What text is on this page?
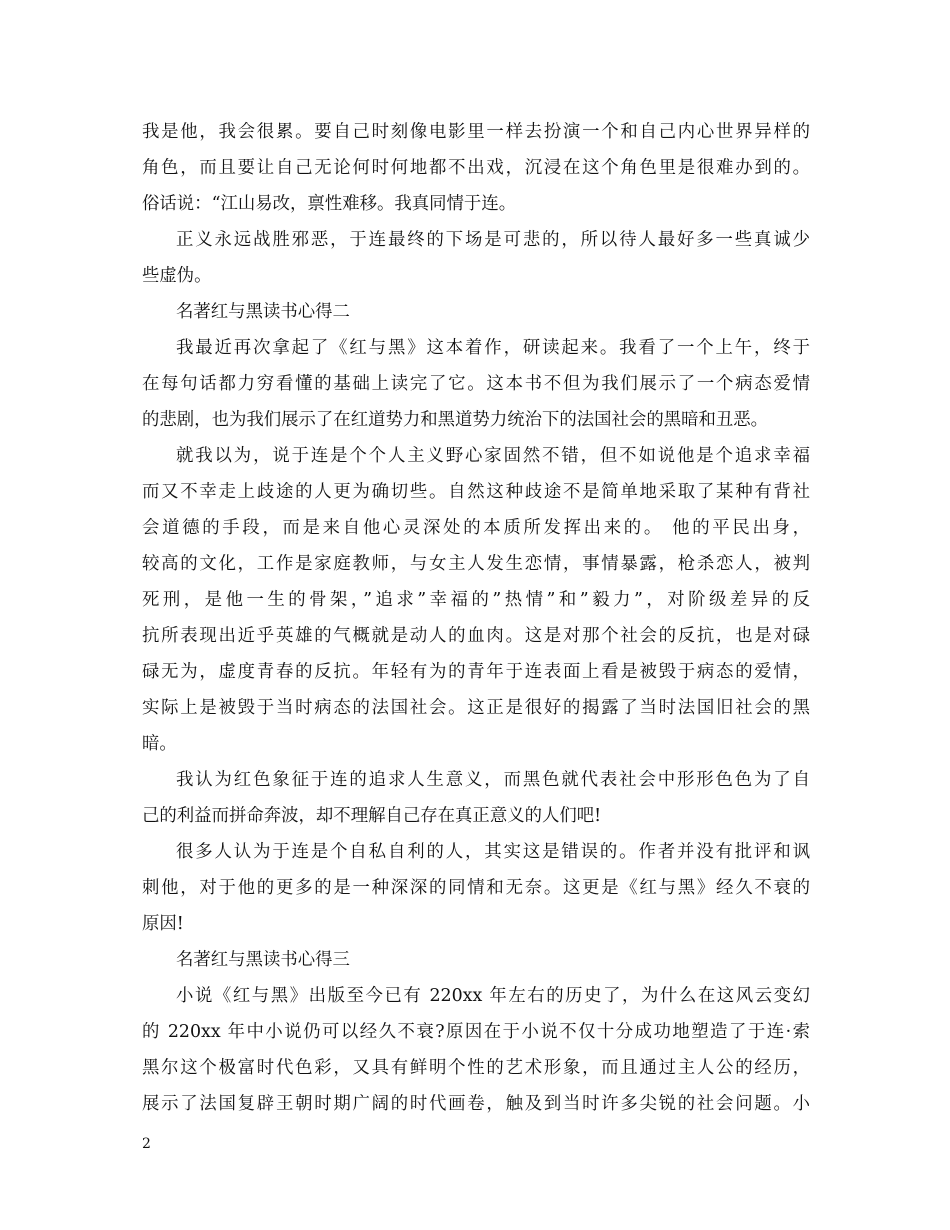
我是他，我会很累。要自己时刻像电影里一样去扮演一个和自己内心世界异样的
角色，而且要让自己无论何时何地都不出戏，沉浸在这个角色里是很难办到的。
俗话说：“江山易改，禀性难移。我真同情于连。
正义永远战胜邪恶，于连最终的下场是可悲的，所以待人最好多一些真诚少
些虚伪。
名著红与黑读书心得二
我最近再次拿起了《红与黑》这本着作，研读起来。我看了一个上午，终于
在每句话都力穷看懂的基础上读完了它。这本书不但为我们展示了一个病态爱情
的悲剧，也为我们展示了在红道势力和黑道势力统治下的法国社会的黑暗和丑恶。
就我以为，说于连是个个人主义野心家固然不错，但不如说他是个追求幸福
而又不幸走上歧途的人更为确切些。自然这种歧途不是简单地采取了某种有背社
会道德的手段，而是来自他心灵深处的本质所发挥出来的。 他的平民出身，
较高的文化，工作是家庭教师，与女主人发生恋情，事情暴露，枪杀恋人，被判
死刑，是他一生的骨架，”追求”幸福的”热情”和”毅力”，对阶级差异的反
抗所表现出近乎英雄的气概就是动人的血肉。这是对那个社会的反抗，也是对碌
碌无为，虚度青春的反抗。年轻有为的青年于连表面上看是被毁于病态的爱情，
实际上是被毁于当时病态的法国社会。这正是很好的揭露了当时法国旧社会的黑
暗。
我认为红色象征于连的追求人生意义，而黑色就代表社会中形形色色为了自
己的利益而拼命奔波，却不理解自己存在真正意义的人们吧!
很多人认为于连是个自私自利的人，其实这是错误的。作者并没有批评和讽
刺他，对于他的更多的是一种深深的同情和无奈。这更是《红与黑》经久不衰的
原因!
名著红与黑读书心得三
小说《红与黑》出版至今已有 220xx 年左右的历史了，为什么在这风云变幻
的 220xx 年中小说仍可以经久不衰?原因在于小说不仅十分成功地塑造了于连·索
黑尔这个极富时代色彩，又具有鲜明个性的艺术形象，而且通过主人公的经历，
展示了法国复辟王朝时期广阔的时代画卷，触及到当时许多尖锐的社会问题。小
2
